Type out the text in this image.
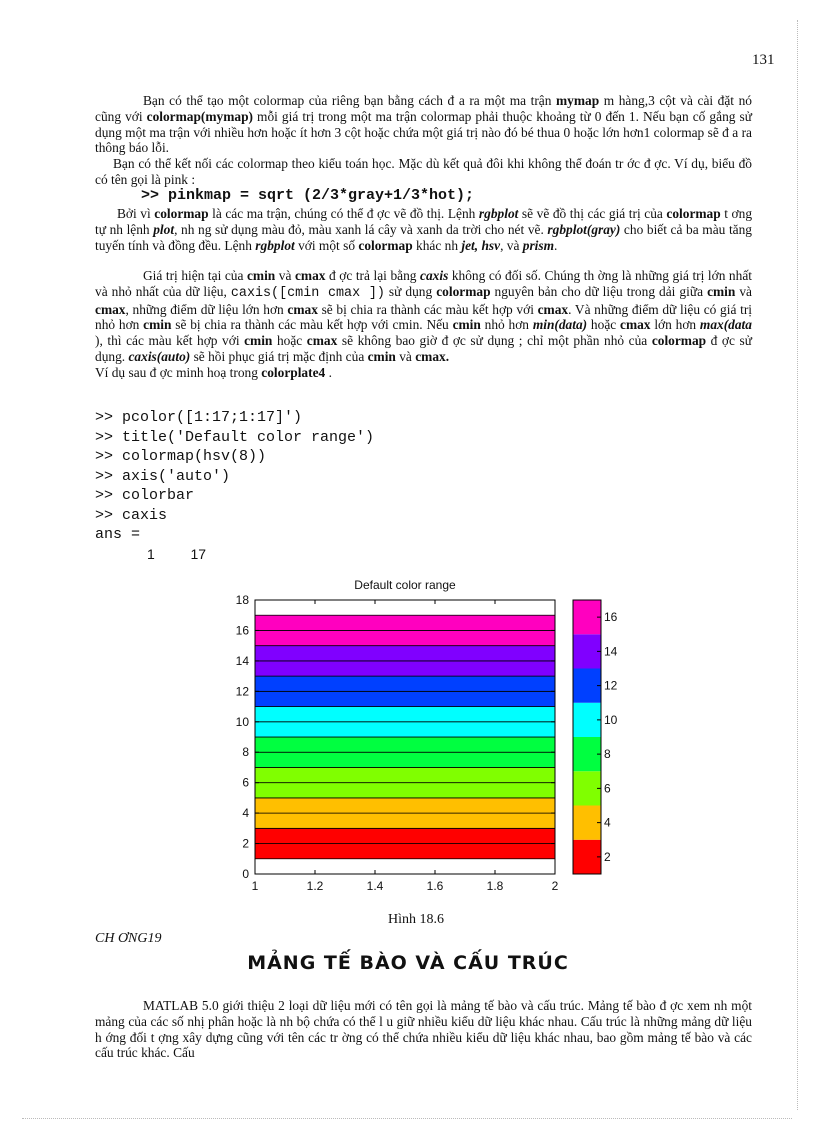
131

Bạn có thể tạo một colormap của riêng bạn bằng cách đ a ra một ma trận mymap m hàng,3 cột và cài đặt nó cũng với colormap(mymap) mỗi giá trị trong một ma trận colormap phải thuộc khoảng từ 0 đến 1. Nếu bạn cố gắng sử dụng một ma trận với nhiều hơn hoặc ít hơn 3 cột hoặc chứa một giá trị nào đó bé thua 0 hoặc lớn hơn1 colormap sẽ đ a ra thông báo lỗi.

Bạn có thể kết nối các colormap theo kiểu toán học. Mặc dù kết quả đôi khi không thể đoán tr ớc đ ợc. Ví dụ, biểu đồ có tên gọi là pink :

>> pinkmap = sqrt (2/3*gray+1/3*hot);

Bởi vì colormap là các ma trận, chúng có thể đ ợc vẽ đồ thị. Lệnh rgbplot sẽ vẽ đồ thị các giá trị của colormap t ơng tự nh lệnh plot, nh ng sử dụng màu đỏ, màu xanh lá cây và xanh da trời cho nét vẽ. rgbplot(gray) cho biết cả ba màu tăng tuyến tính và đồng đều. Lệnh rgbplot với một số colormap khác nh jet, hsv, và prism.

Giá trị hiện tại của cmin và cmax đ ợc trả lại bằng caxis không có đối số. Chúng th ờng là những giá trị lớn nhất và nhỏ nhất của dữ liệu, caxis([cmin cmax ]) sử dụng colormap nguyên bản cho dữ liệu trong dải giữa cmin và cmax, những điểm dữ liệu lớn hơn cmax sẽ bị chia ra thành các màu kết hợp với cmax. Và những điểm dữ liệu có giá trị nhỏ hơn cmin sẽ bị chia ra thành các màu kết hợp với cmin. Nếu cmin nhỏ hơn min(data) hoặc cmax lớn hơn max(data ), thì các màu kết hợp với cmin hoặc cmax sẽ không bao giờ đ ợc sử dụng ; chỉ một phần nhỏ của colormap đ ợc sử dụng. caxis(auto) sẽ hồi phục giá trị mặc định của cmin và cmax.

Ví dụ sau đ ợc minh hoạ trong colorplate4 .

>> pcolor([1:17;1:17]')
>> title('Default color range')
>> colormap(hsv(8))
>> axis('auto')
>> colorbar
>> caxis
ans =
1   17
Default color range
0
2
4
6
8
10
12
14
16
18
1	1.2	1.4	1.6	1.8	2
2
4
6
8
10
12
14
16
Hình 18.6
CH ƠNG19
MẢNG TẾ BÀO VÀ CẤU TRÚC

MATLAB 5.0 giới thiệu 2 loại dữ liệu mới có tên gọi là mảng tế bào và cấu trúc. Mảng tế bào đ ợc xem nh một mảng của các số nhị phân hoặc là nh bộ chứa có thể l u giữ nhiều kiểu dữ liệu khác nhau. Cấu trúc là những mảng dữ liệu h ớng đối t ợng xây dựng cũng với tên các tr ờng có thể chứa nhiều kiểu dữ liệu khác nhau, bao gồm mảng tế bào và các cấu trúc khác. Cấu
